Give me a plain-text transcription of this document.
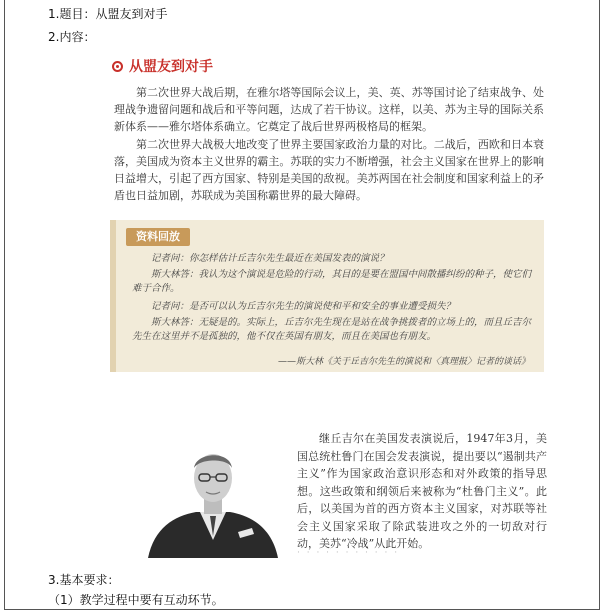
1.题目：从盟友到对手
2.内容：
从盟友到对手
第二次世界大战后期，在雅尔塔等国际会议上，美、英、苏等国讨论了结束战争、处理战争遗留问题和战后和平等问题，达成了若干协议。这样，以美、苏为主导的国际关系新体系——雅尔塔体系确立。它奠定了战后世界两极格局的框架。
第二次世界大战极大地改变了世界主要国家政治力量的对比。二战后，西欧和日本衰落，美国成为资本主义世界的霸主。苏联的实力不断增强，社会主义国家在世界上的影响日益增大，引起了西方国家、特别是美国的敌视。美苏两国在社会制度和国家利益上的矛盾也日益加剧，苏联成为美国称霸世界的最大障碍。
资料回放
记者问：你怎样估计丘吉尔先生最近在美国发表的演说？
斯大林答：我认为这个演说是危险的行动，其目的是要在盟国中间散播纠纷的种子，使它们难于合作。
记者问：是否可以认为丘吉尔先生的演说使和平和安全的事业遭受损失？
斯大林答：无疑是的。实际上，丘吉尔先生现在是站在战争挑拨者的立场上的，而且丘吉尔先生在这里并不是孤独的，他不仅在英国有朋友，而且在美国也有朋友。
——斯大林《关于丘吉尔先生的演说和〈真理报〉记者的谈话》
继丘吉尔在美国发表演说后，1947年3月，美国总统杜鲁门在国会发表演说，提出要以“遏制共产主义”作为国家政治意识形态和对外政策的指导思想。这些政策和纲领后来被称为“杜鲁门主义”。此后，以美国为首的西方资本主义国家，对苏联等社会主义国家采取了除武装进攻之外的一切敌对行动，美苏“冷战”从此开始。
· · · · · · · · · · ·
3.基本要求：
（1）教学过程中要有互动环节。
